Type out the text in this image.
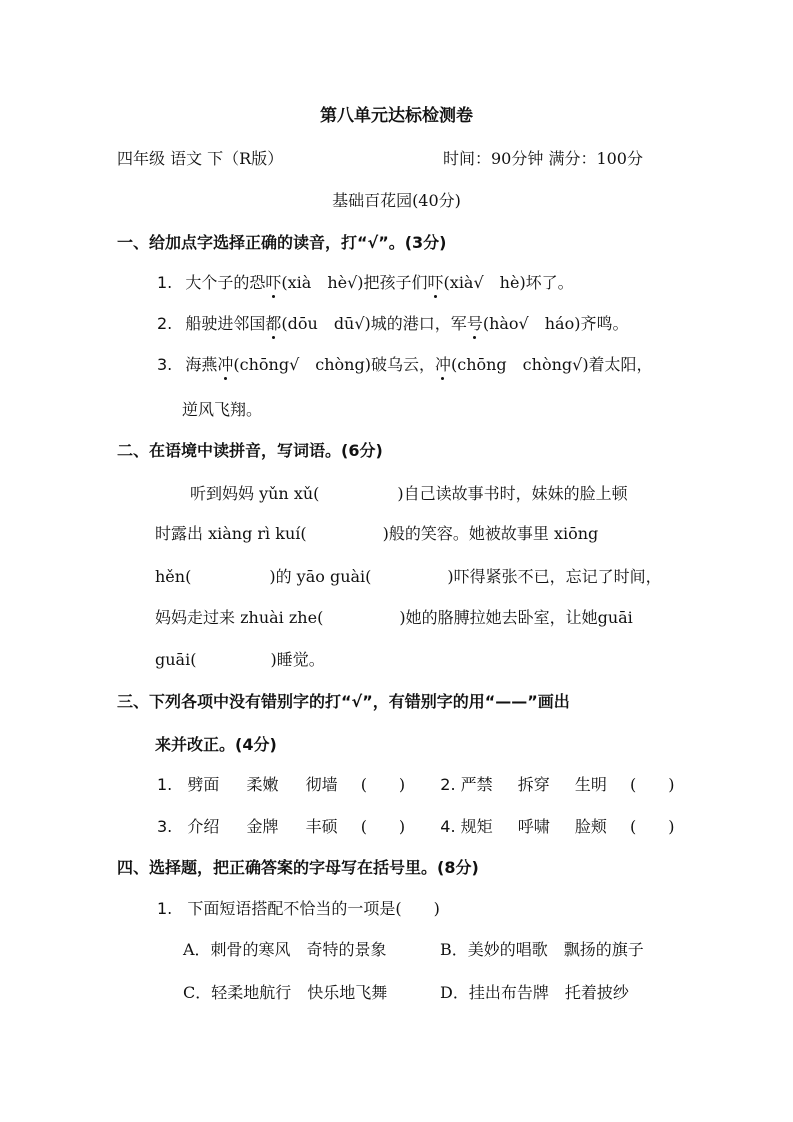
第八单元达标检测卷
四年级 语文 下（R版）	时间：90分钟 满分：100分
基础百花园(40分)
一、给加点字选择正确的读音，打“√”。(3分)
1. 大个子的恐吓(xià　hè√)把孩子们吓(xià√　hè)坏了。
2. 船驶进邻国都(dōu　dū√)城的港口，军号(hào√　háo)齐鸣。
3. 海燕冲(chōng√　chòng)破乌云，冲(chōng　chòng√)着太阳，
逆风飞翔。
二、在语境中读拼音，写词语。(6分)
听到妈妈 yǔn xǔ(	)自己读故事书时，妹妹的脸上顿
时露出 xiàng rì kuí(	)般的笑容。她被故事里 xiōng
hěn(	)的 yāo guài(	)吓得紧张不已，忘记了时间，
妈妈走过来 zhuài zhe(	)她的胳膊拉她去卧室，让她guāi
guāi(	)睡觉。
三、下列各项中没有错别字的打“√”，有错别字的用“——”画出
来并改正。(4分)
1. 劈面 柔嫩 彻墙 (　　) 2. 严禁 拆穿 生明 (　　)
3. 介绍 金牌 丰硕 (　　) 4. 规矩 呼啸 脸颊 (　　)
四、选择题，把正确答案的字母写在括号里。(8分)
1. 下面短语搭配不恰当的一项是(　　)
A．刺骨的寒风　奇特的景象	B．美妙的唱歌　飘扬的旗子
C．轻柔地航行　快乐地飞舞	D．挂出布告牌　托着披纱
